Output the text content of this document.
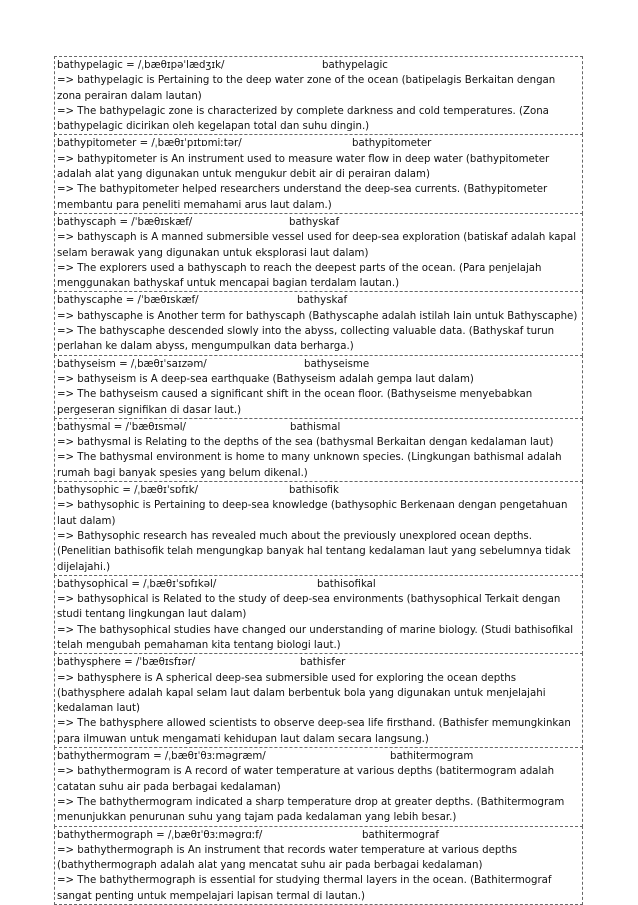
bathypelagic = /ˌbæθɪpəˈlædʒɪk/	bathypelagic

=> bathypelagic is Pertaining to the deep water zone of the ocean (batipelagis Berkaitan dengan zona perairan dalam lautan)

=> The bathypelagic zone is characterized by complete darkness and cold temperatures. (Zona bathypelagic dicirikan oleh kegelapan total dan suhu dingin.)

bathypitometer = /ˌbæθɪˈpɪtɒmiːtər/	bathypitometer

=> bathypitometer is An instrument used to measure water flow in deep water (bathypitometer adalah alat yang digunakan untuk mengukur debit air di perairan dalam)

=> The bathypitometer helped researchers understand the deep-sea currents. (Bathypitometer membantu para peneliti memahami arus laut dalam.)

bathyscaph = /ˈbæθɪskæf/	bathyskaf

=> bathyscaph is A manned submersible vessel used for deep-sea exploration (batiskaf adalah kapal selam berawak yang digunakan untuk eksplorasi laut dalam)

=> The explorers used a bathyscaph to reach the deepest parts of the ocean. (Para penjelajah menggunakan bathyskaf untuk mencapai bagian terdalam lautan.)

bathyscaphe = /ˈbæθɪskæf/	bathyskaf

=> bathyscaphe is Another term for bathyscaph (Bathyscaphe adalah istilah lain untuk Bathyscaphe)

=> The bathyscaphe descended slowly into the abyss, collecting valuable data. (Bathyskaf turun perlahan ke dalam abyss, mengumpulkan data berharga.)

bathyseism = /ˌbæθɪˈsaɪzəm/	bathyseisme

=> bathyseism is A deep-sea earthquake (Bathyseism adalah gempa laut dalam)

=> The bathyseism caused a significant shift in the ocean floor. (Bathyseisme menyebabkan pergeseran signifikan di dasar laut.)

bathysmal = /ˈbæθɪsməl/	bathismal

=> bathysmal is Relating to the depths of the sea (bathysmal Berkaitan dengan kedalaman laut)

=> The bathysmal environment is home to many unknown species. (Lingkungan bathismal adalah rumah bagi banyak spesies yang belum dikenal.)

bathysophic = /ˌbæθɪˈsɒfɪk/	bathisofik

=> bathysophic is Pertaining to deep-sea knowledge (bathysophic Berkenaan dengan pengetahuan laut dalam)

=> Bathysophic research has revealed much about the previously unexplored ocean depths. (Penelitian bathisofik telah mengungkap banyak hal tentang kedalaman laut yang sebelumnya tidak dijelajahi.)

bathysophical = /ˌbæθɪˈsɒfɪkəl/	bathisofikal

=> bathysophical is Related to the study of deep-sea environments (bathysophical Terkait dengan studi tentang lingkungan laut dalam)

=> The bathysophical studies have changed our understanding of marine biology. (Studi bathisofikal telah mengubah pemahaman kita tentang biologi laut.)

bathysphere = /ˈbæθɪsfɪər/	bathisfer

=> bathysphere is A spherical deep-sea submersible used for exploring the ocean depths (bathysphere adalah kapal selam laut dalam berbentuk bola yang digunakan untuk menjelajahi kedalaman laut)

=> The bathysphere allowed scientists to observe deep-sea life firsthand. (Bathisfer memungkinkan para ilmuwan untuk mengamati kehidupan laut dalam secara langsung.)

bathythermogram = /ˌbæθɪˈθɜːməgræm/	bathitermogram

=> bathythermogram is A record of water temperature at various depths (batitermogram adalah catatan suhu air pada berbagai kedalaman)

=> The bathythermogram indicated a sharp temperature drop at greater depths. (Bathitermogram menunjukkan penurunan suhu yang tajam pada kedalaman yang lebih besar.)

bathythermograph = /ˌbæθɪˈθɜːməgrɑːf/	bathitermograf

=> bathythermograph is An instrument that records water temperature at various depths (bathythermograph adalah alat yang mencatat suhu air pada berbagai kedalaman)

=> The bathythermograph is essential for studying thermal layers in the ocean. (Bathitermograf sangat penting untuk mempelajari lapisan termal di lautan.)
